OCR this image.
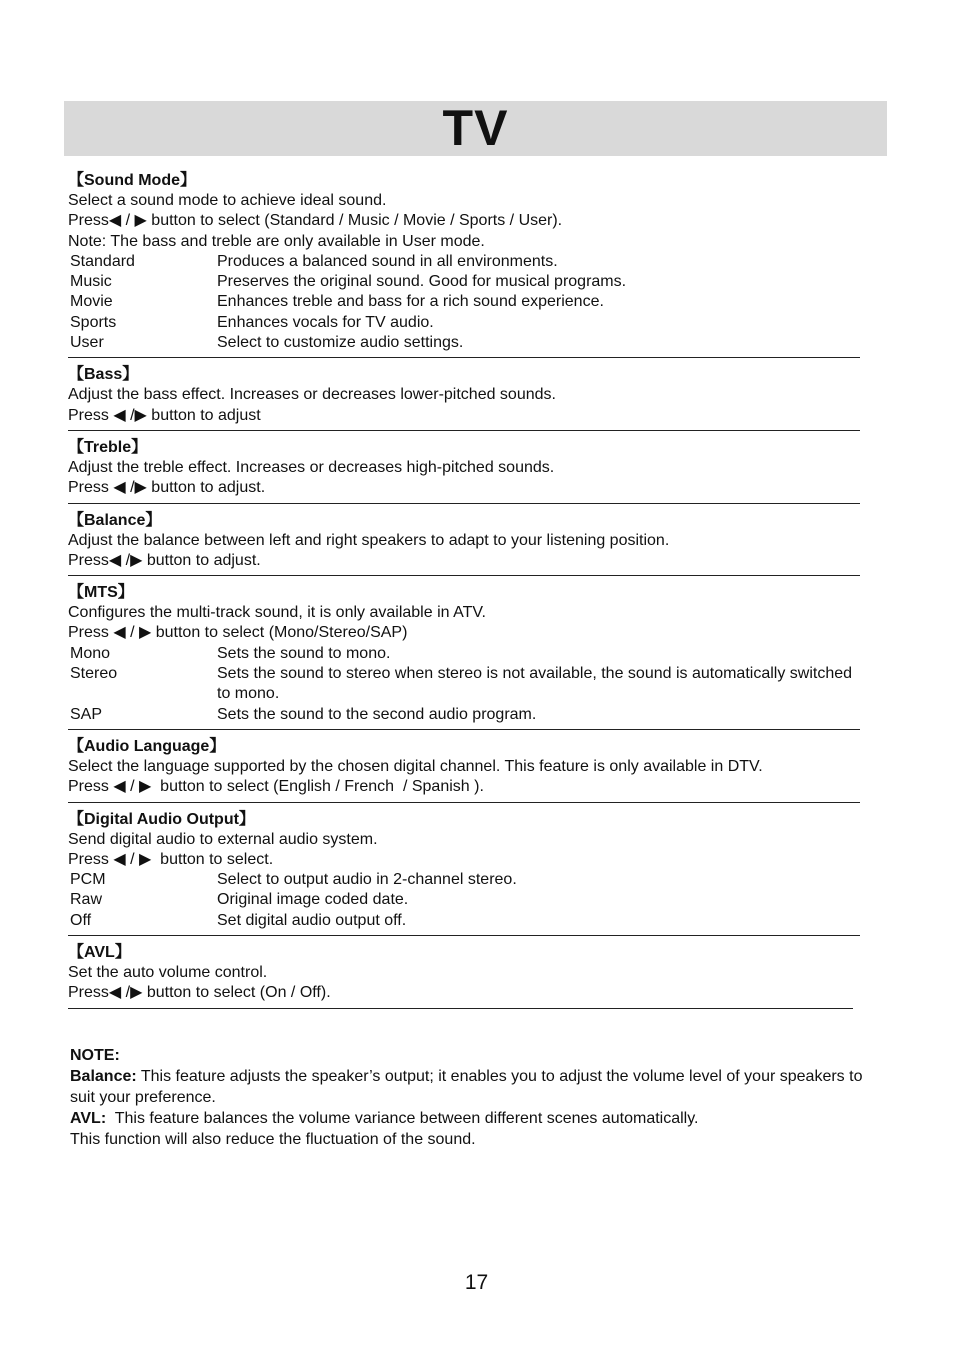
TV

【Sound Mode】

Select a sound mode to achieve ideal sound.

Press◀ / ▶ button to select (Standard / Music / Movie / Sports / User).

Note: The bass and treble are only available in User mode.

Standard	Produces a balanced sound in all environments.
Music	Preserves the original sound. Good for musical programs.
Movie	Enhances treble and bass for a rich sound experience.
Sports	Enhances vocals for TV audio.
User	Select to customize audio settings.

【Bass】

Adjust the bass effect. Increases or decreases lower-pitched sounds.

Press ◀ /▶ button to adjust

【Treble】

Adjust the treble effect. Increases or decreases high-pitched sounds.

Press ◀ /▶ button to adjust.

【Balance】

Adjust the balance between left and right speakers to adapt to your listening position.

Press◀ /▶ button to adjust.

【MTS】

Configures the multi-track sound, it is only available in ATV.

Press ◀ / ▶ button to select (Mono/Stereo/SAP)

Mono	Sets the sound to mono.
Stereo	Sets the sound to stereo when stereo is not available, the sound is automatically switched to mono.
SAP	Sets the sound to the second audio program.

【Audio Language】

Select the language supported by the chosen digital channel. This feature is only available in DTV.

Press ◀ / ▶  button to select (English / French  / Spanish ).

【Digital Audio Output】

Send digital audio to external audio system.

Press ◀ / ▶  button to select.

PCM	Select to output audio in 2-channel stereo.
Raw	Original image coded date.
Off	Set digital audio output off.

【AVL】

Set the auto volume control.

Press◀ /▶ button to select (On / Off).

NOTE:

Balance: This feature adjusts the speaker’s output; it enables you to adjust the volume level of your speakers to suit your preference.

AVL:  This feature balances the volume variance between different scenes automatically.

This function will also reduce the fluctuation of the sound.

17
